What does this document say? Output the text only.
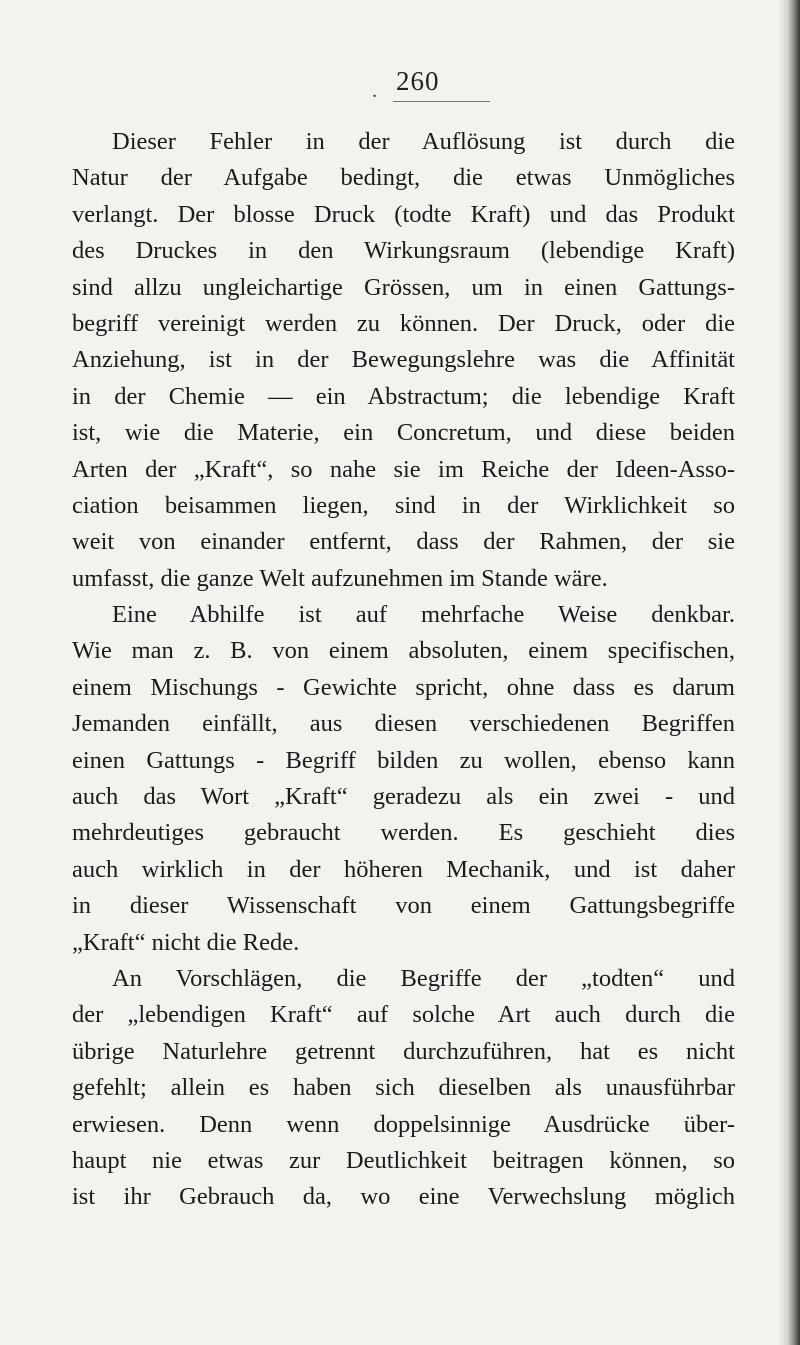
. 260
Dieser Fehler in der Auflösung ist durch die
Natur der Aufgabe bedingt, die etwas Unmögliches
verlangt. Der blosse Druck (todte Kraft) und das Produkt
des Druckes in den Wirkungsraum (lebendige Kraft)
sind allzu ungleichartige Grössen, um in einen Gattungs-
begriff vereinigt werden zu können. Der Druck, oder die
Anziehung, ist in der Bewegungslehre was die Affinität
in der Chemie — ein Abstractum; die lebendige Kraft
ist, wie die Materie, ein Concretum, und diese beiden
Arten der „Kraft“, so nahe sie im Reiche der Ideen-Asso-
ciation beisammen liegen, sind in der Wirklichkeit so
weit von einander entfernt, dass der Rahmen, der sie
umfasst, die ganze Welt aufzunehmen im Stande wäre.
Eine Abhilfe ist auf mehrfache Weise denkbar.
Wie man z. B. von einem absoluten, einem specifischen,
einem Mischungs - Gewichte spricht, ohne dass es darum
Jemanden einfällt, aus diesen verschiedenen Begriffen
einen Gattungs - Begriff bilden zu wollen, ebenso kann
auch das Wort „Kraft“ geradezu als ein zwei - und
mehrdeutiges gebraucht werden. Es geschieht dies
auch wirklich in der höheren Mechanik, und ist daher
in dieser Wissenschaft von einem Gattungsbegriffe
„Kraft“ nicht die Rede.
An Vorschlägen, die Begriffe der „todten“ und
der „lebendigen Kraft“ auf solche Art auch durch die
übrige Naturlehre getrennt durchzuführen, hat es nicht
gefehlt; allein es haben sich dieselben als unausführbar
erwiesen. Denn wenn doppelsinnige Ausdrücke über-
haupt nie etwas zur Deutlichkeit beitragen können, so
ist ihr Gebrauch da, wo eine Verwechslung möglich
